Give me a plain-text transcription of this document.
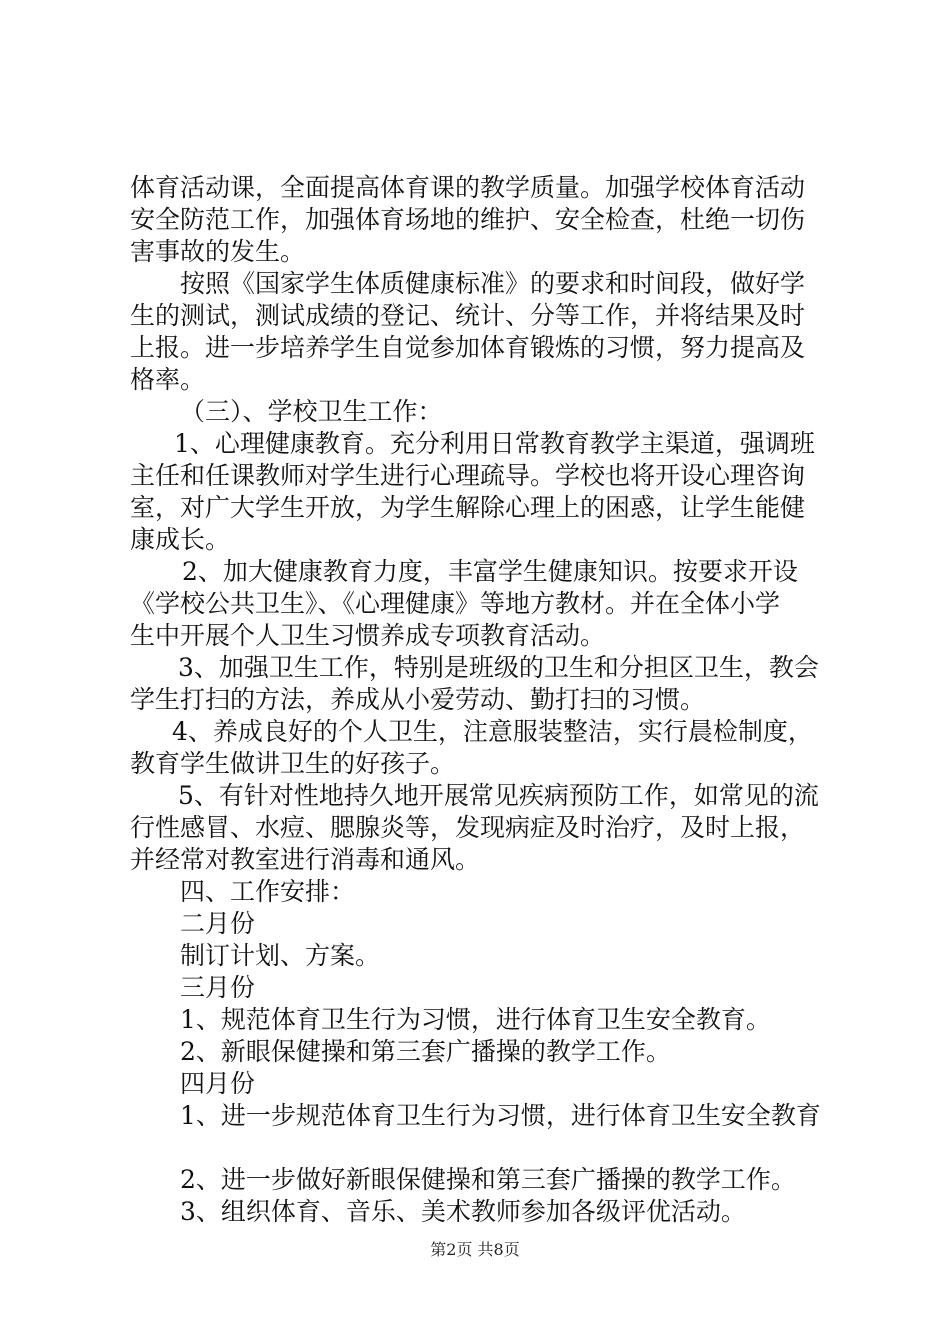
体育活动课，全面提高体育课的教学质量。加强学校体育活动
安全防范工作，加强体育场地的维护、安全检查，杜绝一切伤
害事故的发生。
按照《国家学生体质健康标准》的要求和时间段，做好学
生的测试，测试成绩的登记、统计、分等工作，并将结果及时
上报。进一步培养学生自觉参加体育锻炼的习惯，努力提高及
格率。
（三）、学校卫生工作：
1、心理健康教育。充分利用日常教育教学主渠道，强调班
主任和任课教师对学生进行心理疏导。学校也将开设心理咨询
室，对广大学生开放，为学生解除心理上的困惑，让学生能健
康成长。
2、加大健康教育力度，丰富学生健康知识。按要求开设
《学校公共卫生》、《心理健康》等地方教材。并在全体小学
生中开展个人卫生习惯养成专项教育活动。
3、加强卫生工作，特别是班级的卫生和分担区卫生，教会
学生打扫的方法，养成从小爱劳动、勤打扫的习惯。
4、养成良好的个人卫生，注意服装整洁，实行晨检制度，
教育学生做讲卫生的好孩子。
5、有针对性地持久地开展常见疾病预防工作，如常见的流
行性感冒、水痘、腮腺炎等，发现病症及时治疗，及时上报，
并经常对教室进行消毒和通风。
四、工作安排：
二月份
制订计划、方案。
三月份
1、规范体育卫生行为习惯，进行体育卫生安全教育。
2、新眼保健操和第三套广播操的教学工作。
四月份
1、进一步规范体育卫生行为习惯，进行体育卫生安全教育
2、进一步做好新眼保健操和第三套广播操的教学工作。
3、组织体育、音乐、美术教师参加各级评优活动。
第2页 共8页
